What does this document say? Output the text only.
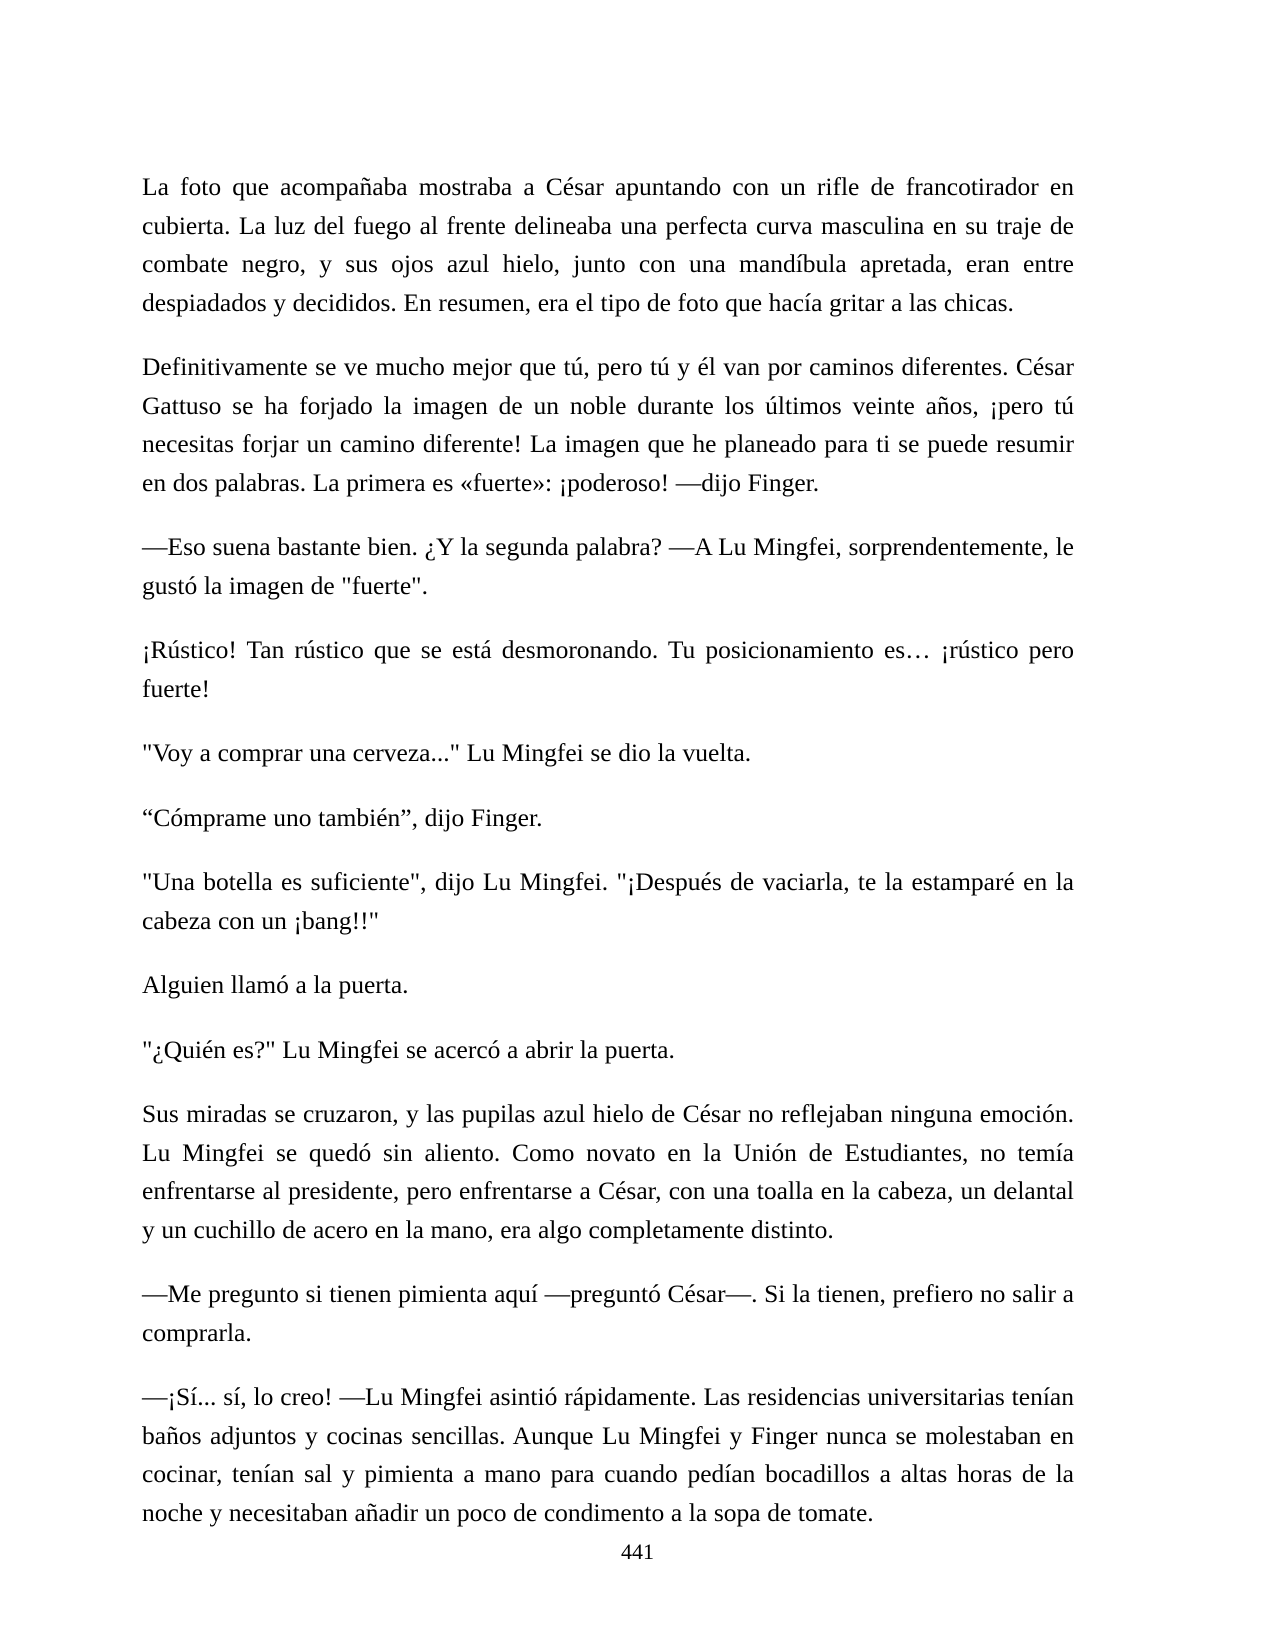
La foto que acompañaba mostraba a César apuntando con un rifle de francotirador en cubierta. La luz del fuego al frente delineaba una perfecta curva masculina en su traje de combate negro, y sus ojos azul hielo, junto con una mandíbula apretada, eran entre despiadados y decididos. En resumen, era el tipo de foto que hacía gritar a las chicas.

Definitivamente se ve mucho mejor que tú, pero tú y él van por caminos diferentes. César Gattuso se ha forjado la imagen de un noble durante los últimos veinte años, ¡pero tú necesitas forjar un camino diferente! La imagen que he planeado para ti se puede resumir en dos palabras. La primera es «fuerte»: ¡poderoso! —dijo Finger.

—Eso suena bastante bien. ¿Y la segunda palabra? —A Lu Mingfei, sorprendentemente, le gustó la imagen de "fuerte".

¡Rústico! Tan rústico que se está desmoronando. Tu posicionamiento es… ¡rústico pero fuerte!

"Voy a comprar una cerveza..." Lu Mingfei se dio la vuelta.

“Cómprame uno también”, dijo Finger.

"Una botella es suficiente", dijo Lu Mingfei. "¡Después de vaciarla, te la estamparé en la cabeza con un ¡bang!!"

Alguien llamó a la puerta.

"¿Quién es?" Lu Mingfei se acercó a abrir la puerta.

Sus miradas se cruzaron, y las pupilas azul hielo de César no reflejaban ninguna emoción. Lu Mingfei se quedó sin aliento. Como novato en la Unión de Estudiantes, no temía enfrentarse al presidente, pero enfrentarse a César, con una toalla en la cabeza, un delantal y un cuchillo de acero en la mano, era algo completamente distinto.

—Me pregunto si tienen pimienta aquí —preguntó César—. Si la tienen, prefiero no salir a comprarla.

—¡Sí... sí, lo creo! —Lu Mingfei asintió rápidamente. Las residencias universitarias tenían baños adjuntos y cocinas sencillas. Aunque Lu Mingfei y Finger nunca se molestaban en cocinar, tenían sal y pimienta a mano para cuando pedían bocadillos a altas horas de la noche y necesitaban añadir un poco de condimento a la sopa de tomate.

441
